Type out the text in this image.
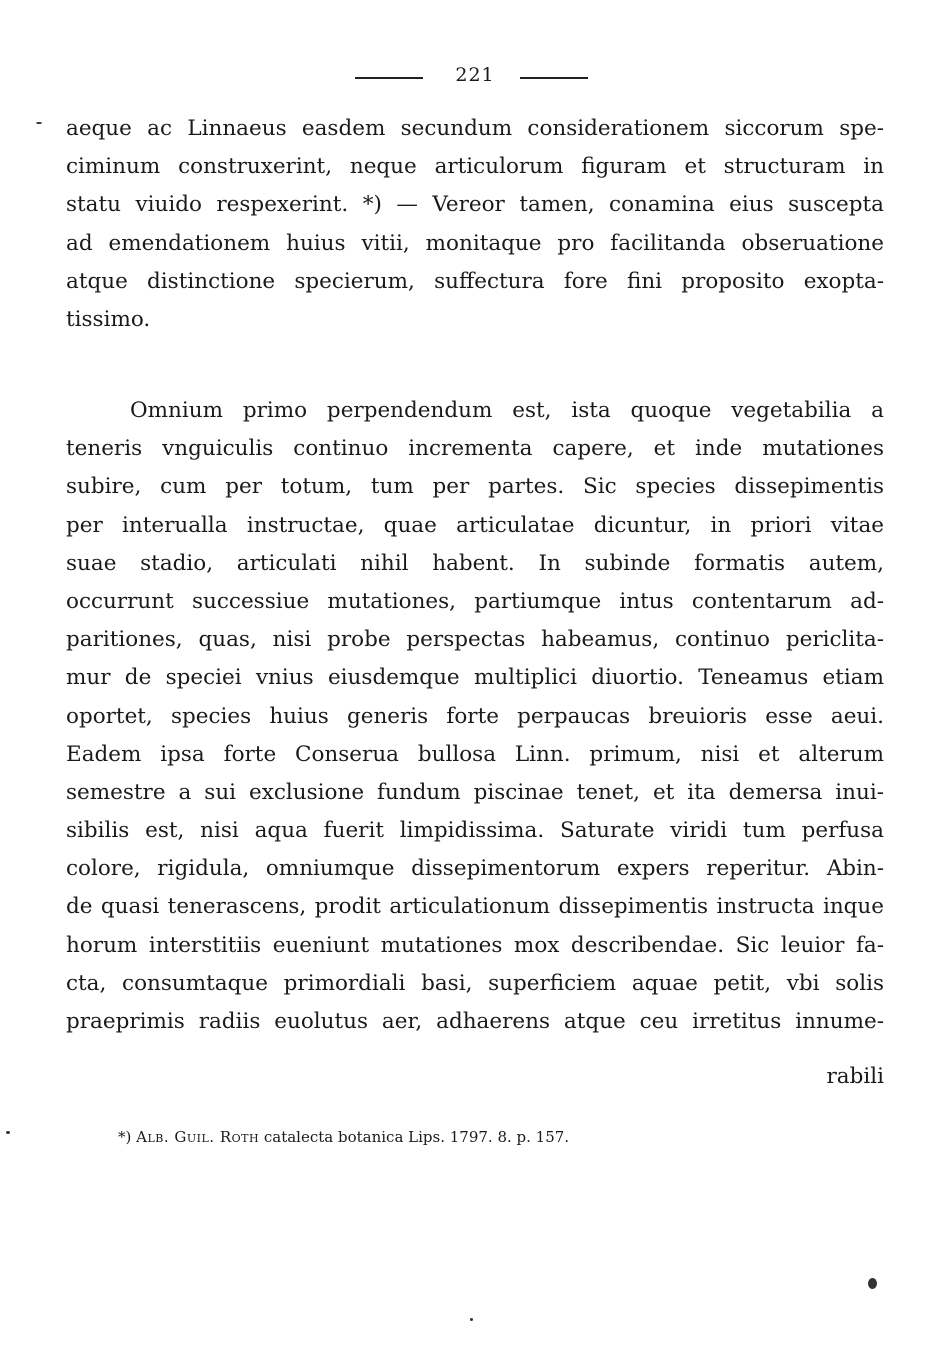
221
aeque ac Linnaeus easdem secundum considerationem siccorum spe-
ciminum construxerint, neque articulorum figuram et structuram in
statu viuido respexerint. *) — Vereor tamen, conamina eius suscepta
ad emendationem huius vitii, monitaque pro facilitanda obseruatione
atque distinctione specierum, suffectura fore fini proposito exopta-
tissimo.
Omnium primo perpendendum est, ista quoque vegetabilia a
teneris vnguiculis continuo incrementa capere, et inde mutationes
subire, cum per totum, tum per partes. Sic species dissepimentis
per interualla instructae, quae articulatae dicuntur, in priori vitae
suae stadio, articulati nihil habent. In subinde formatis autem,
occurrunt successiue mutationes, partiumque intus contentarum ad-
paritiones, quas, nisi probe perspectas habeamus, continuo periclita-
mur de speciei vnius eiusdemque multiplici diuortio. Teneamus etiam
oportet, species huius generis forte perpaucas breuioris esse aeui.
Eadem ipsa forte Conserua bullosa Linn. primum, nisi et alterum
semestre a sui exclusione fundum piscinae tenet, et ita demersa inui-
sibilis est, nisi aqua fuerit limpidissima. Saturate viridi tum perfusa
colore, rigidula, omniumque dissepimentorum expers reperitur. Abin-
de quasi tenerascens, prodit articulationum dissepimentis instructa inque
horum interstitiis eueniunt mutationes mox describendae. Sic leuior fa-
cta, consumtaque primordiali basi, superficiem aquae petit, vbi solis
praeprimis radiis euolutus aer, adhaerens atque ceu irretitus innume-
rabili
*) Alb. Guil. Roth catalecta botanica Lips. 1797. 8. p. 157.
